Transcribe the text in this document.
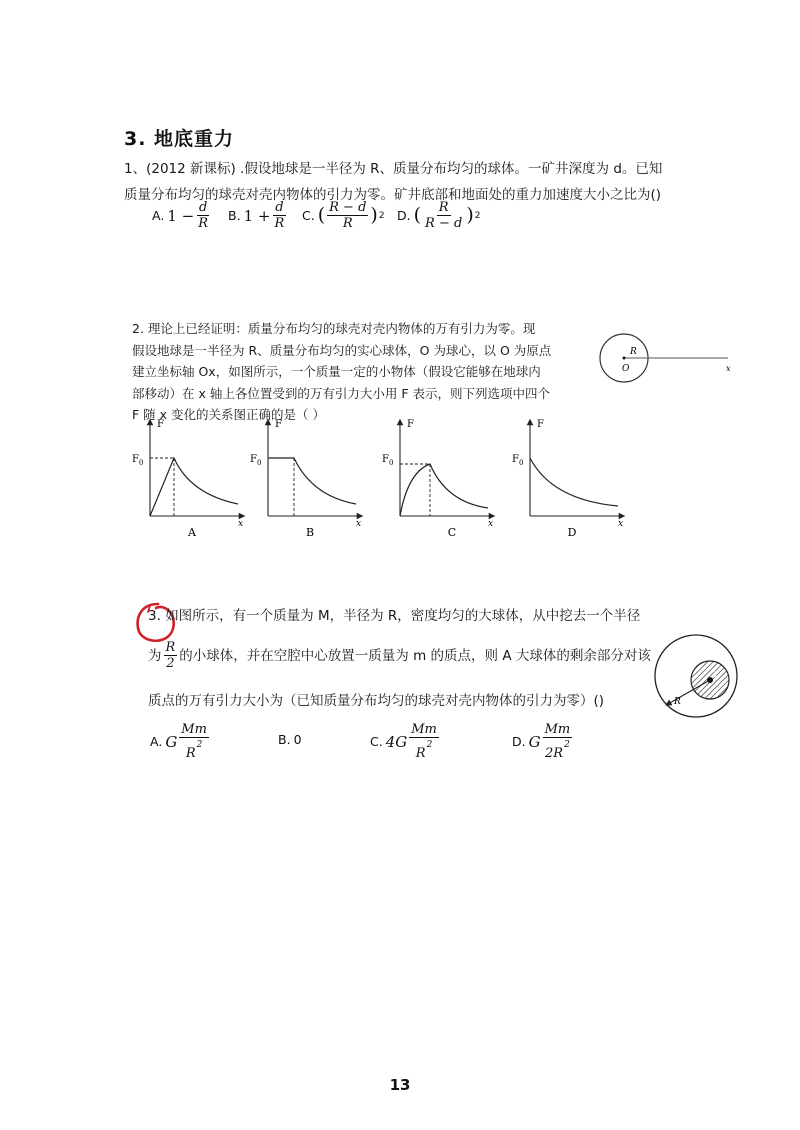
3. 地底重力
1、(2012 新课标) .假设地球是一半径为 R、质量分布均匀的球体。一矿井深度为 d。已知
质量分布均匀的球壳对壳内物体的引力为零。矿井底部和地面处的重力加速度大小之比为()
A. $1 - \frac{d}{R} B$. $1 + \frac{d}{R} C$. ( $\frac{R - d}{R}$ ) 2 D. ( $\frac{R}{R - d}$ ) 2
2. 理论上已经证明：质量分布均匀的球壳对壳内物体的万有引力为零。现
假设地球是一半径为 R、质量分布均匀的实心球体，O 为球心，以 O 为原点
建立坐标轴 Ox，如图所示，一个质量一定的小物体（假设它能够在地球内
部移动）在 x 轴上各位置受到的万有引力大小用 F 表示，则下列选项中四个
F 随 x 变化的关系图正确的是（ ）
R
O	x
F
$F_0$
x
F
$F_0$
x
F
$F_0$
x
F
$F_0$
x
A	B	C	D
3. 如图所示，有一个质量为 M，半径为 R，密度均匀的大球体，从中挖去一个半径
为 $\frac{R}{2}$ 的小球体，并在空腔中心放置一质量为 m 的质点，则 A 大球体的剩余部分对该
质点的万有引力大小为（已知质量分布均匀的球壳对壳内物体的引力为零）()	R
A
A. G $\frac{Mm}{R^2}$	B. 0	C. $4G \frac{Mm}{R^2}$	D. G $\frac{Mm}{2R^2}$
13
